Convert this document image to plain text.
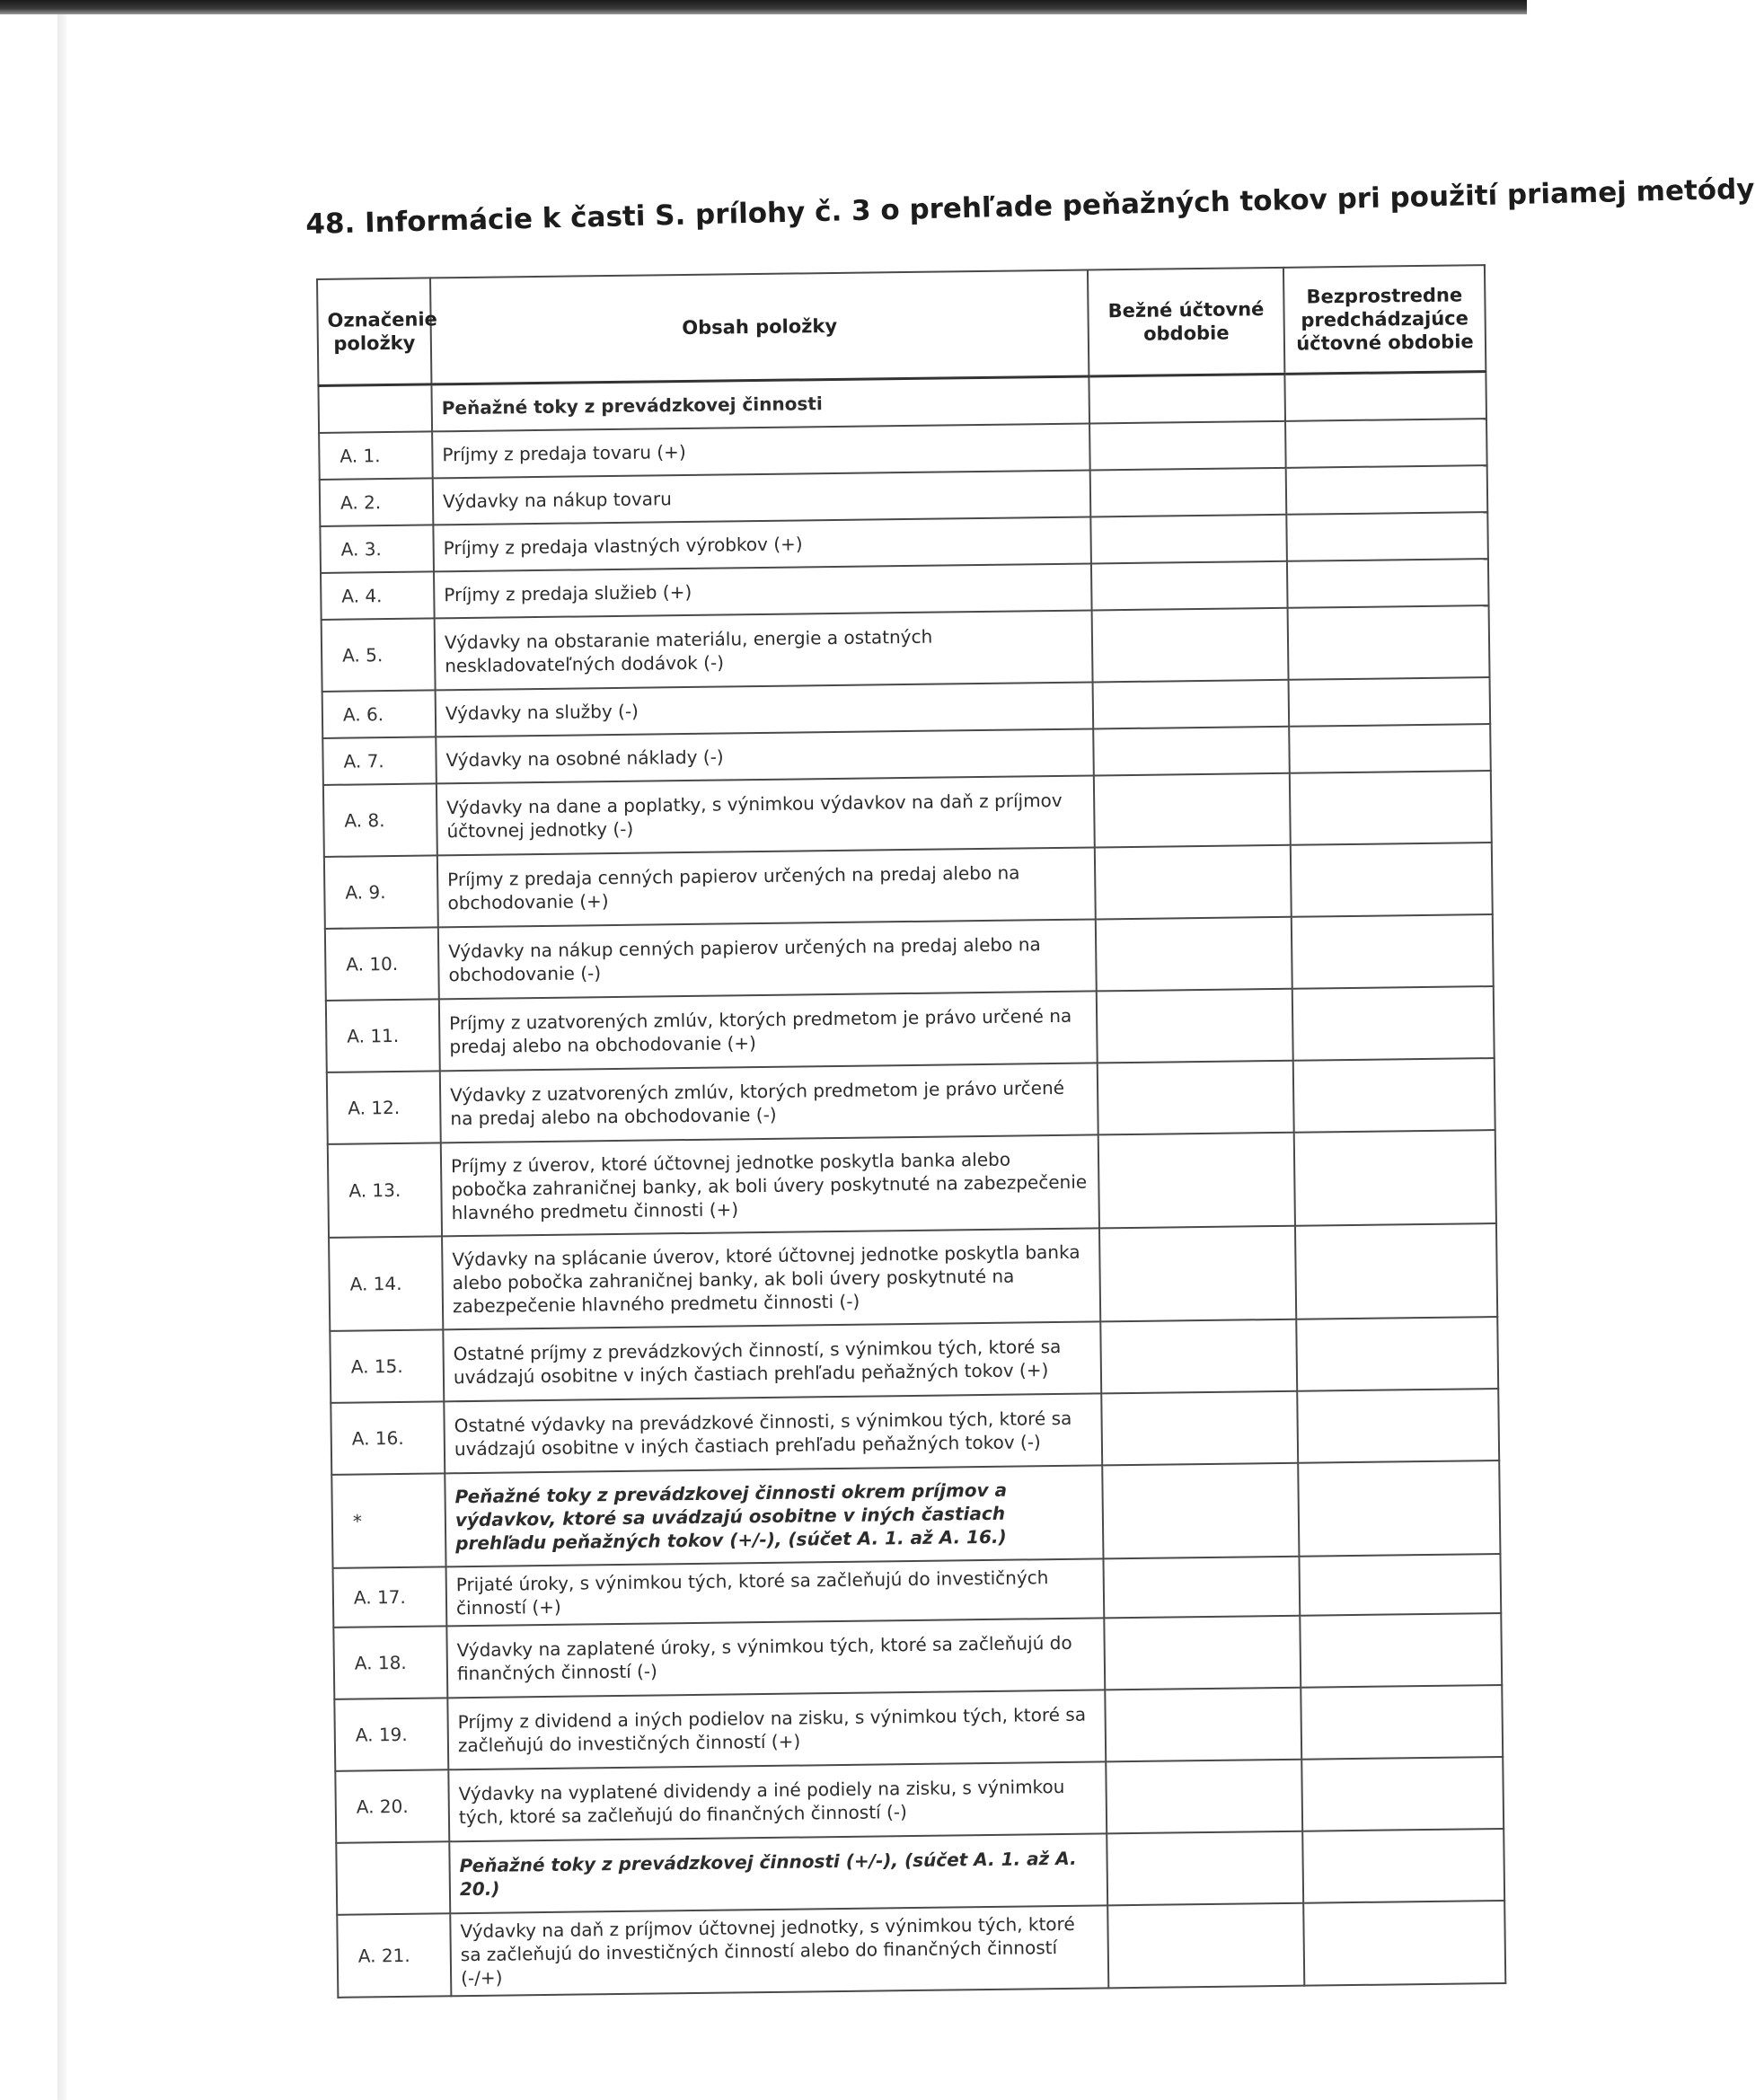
48. Informácie k časti S. prílohy č. 3 o prehľade peňažných tokov pri použití priamej metódy
Označenie položky	Obsah položky	Bežné účtovné obdobie	Bezprostredne predchádzajúce účtovné obdobie
	Peňažné toky z prevádzkovej činnosti		
A. 1.	Príjmy z predaja tovaru (+)		
A. 2.	Výdavky na nákup tovaru		
A. 3.	Príjmy z predaja vlastných výrobkov (+)		
A. 4.	Príjmy z predaja služieb (+)		
A. 5.	Výdavky na obstaranie materiálu, energie a ostatných neskladovateľných dodávok (-)		
A. 6.	Výdavky na služby (-)		
A. 7.	Výdavky na osobné náklady (-)		
A. 8.	Výdavky na dane a poplatky, s výnimkou výdavkov na daň z príjmov účtovnej jednotky (-)		
A. 9.	Príjmy z predaja cenných papierov určených na predaj alebo na obchodovanie (+)		
A. 10.	Výdavky na nákup cenných papierov určených na predaj alebo na obchodovanie (-)		
A. 11.	Príjmy z uzatvorených zmlúv, ktorých predmetom je právo určené na predaj alebo na obchodovanie (+)		
A. 12.	Výdavky z uzatvorených zmlúv, ktorých predmetom je právo určené na predaj alebo na obchodovanie (-)		
A. 13.	Príjmy z úverov, ktoré účtovnej jednotke poskytla banka alebo pobočka zahraničnej banky, ak boli úvery poskytnuté na zabezpečenie hlavného predmetu činnosti (+)		
A. 14.	Výdavky na splácanie úverov, ktoré účtovnej jednotke poskytla banka alebo pobočka zahraničnej banky, ak boli úvery poskytnuté na zabezpečenie hlavného predmetu činnosti (-)		
A. 15.	Ostatné príjmy z prevádzkových činností, s výnimkou tých, ktoré sa uvádzajú osobitne v iných častiach prehľadu peňažných tokov (+)		
A. 16.	Ostatné výdavky na prevádzkové činnosti, s výnimkou tých, ktoré sa uvádzajú osobitne v iných častiach prehľadu peňažných tokov (-)		
*	Peňažné toky z prevádzkovej činnosti okrem príjmov a výdavkov, ktoré sa uvádzajú osobitne v iných častiach prehľadu peňažných tokov (+/-), (súčet A. 1. až A. 16.)		
A. 17.	Prijaté úroky, s výnimkou tých, ktoré sa začleňujú do investičných činností (+)		
A. 18.	Výdavky na zaplatené úroky, s výnimkou tých, ktoré sa začleňujú do finančných činností (-)		
A. 19.	Príjmy z dividend a iných podielov na zisku, s výnimkou tých, ktoré sa začleňujú do investičných činností (+)		
A. 20.	Výdavky na vyplatené dividendy a iné podiely na zisku, s výnimkou tých, ktoré sa začleňujú do finančných činností (-)		
	Peňažné toky z prevádzkovej činnosti (+/-), (súčet A. 1. až A. 20.)		
A. 21.	Výdavky na daň z príjmov účtovnej jednotky, s výnimkou tých, ktoré sa začleňujú do investičných činností alebo do finančných činností (-/+)		
